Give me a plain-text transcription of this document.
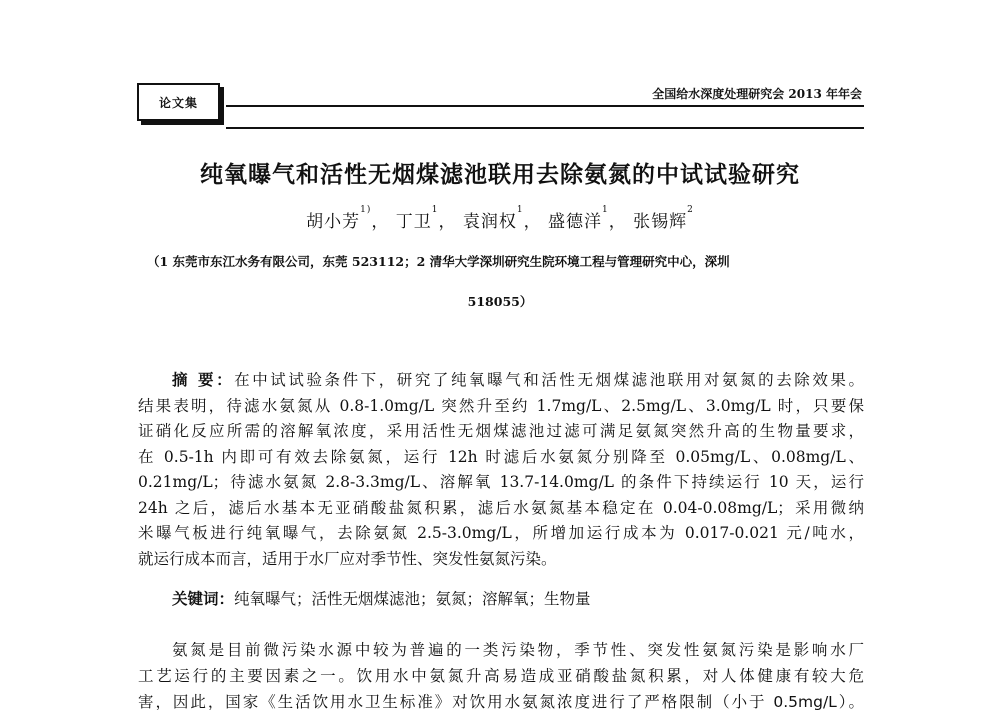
论文集
全国给水深度处理研究会 2013 年年会
纯氧曝气和活性无烟煤滤池联用去除氨氮的中试试验研究
胡小芳$^{1)}$， 丁卫$^1$， 袁润权$^1$， 盛德洋$^1$， 张锡辉$^2$
（1 东莞市东江水务有限公司，东莞 523112；2 清华大学深圳研究生院环境工程与管理研究中心，深圳
518055）
摘 要：在中试试验条件下，研究了纯氧曝气和活性无烟煤滤池联用对氨氮的去除效果。
结果表明，待滤水氨氮从 0.8-1.0mg/L 突然升至约 1.7mg/L、2.5mg/L、3.0mg/L 时，只要保
证硝化反应所需的溶解氧浓度，采用活性无烟煤滤池过滤可满足氨氮突然升高的生物量要求，
在 0.5-1h 内即可有效去除氨氮，运行 12h 时滤后水氨氮分别降至 0.05mg/L、0.08mg/L、
0.21mg/L；待滤水氨氮 2.8-3.3mg/L、溶解氧 13.7-14.0mg/L 的条件下持续运行 10 天，运行
24h 之后，滤后水基本无亚硝酸盐氮积累，滤后水氨氮基本稳定在 0.04-0.08mg/L；采用微纳
米曝气板进行纯氧曝气，去除氨氮 2.5-3.0mg/L，所增加运行成本为 0.017-0.021 元/吨水，
就运行成本而言，适用于水厂应对季节性、突发性氨氮污染。
关键词：纯氧曝气；活性无烟煤滤池；氨氮；溶解氧；生物量
氨氮是目前微污染水源中较为普遍的一类污染物，季节性、突发性氨氮污染是影响水厂
工艺运行的主要因素之一。饮用水中氨氮升高易造成亚硝酸盐氮积累，对人体健康有较大危
害，因此，国家《生活饮用水卫生标准》对饮用水氨氮浓度进行了严格限制（小于 0.5mg/L）。
